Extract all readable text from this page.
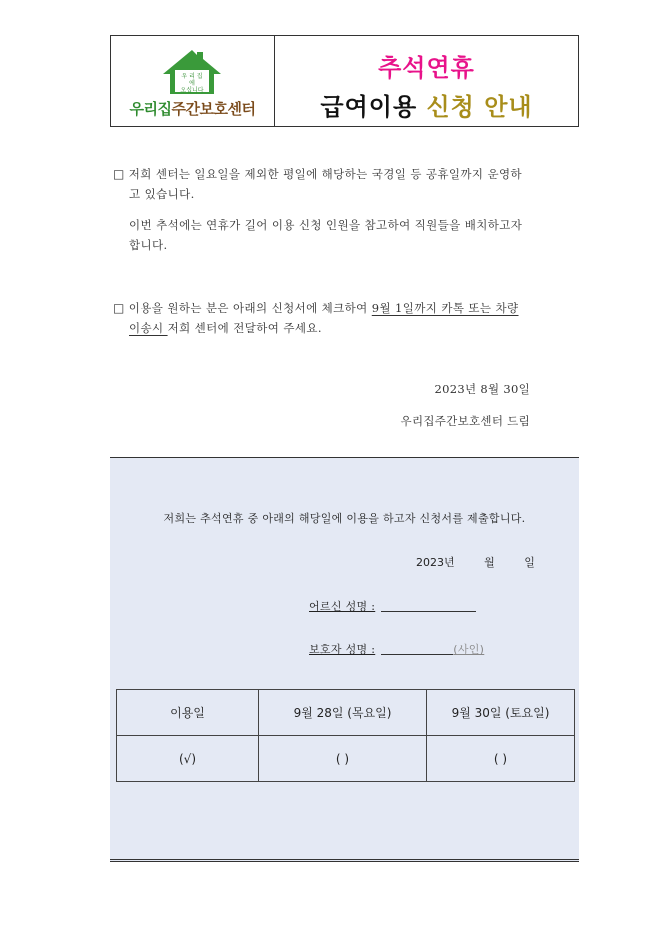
우 리 집
에
오십니다
우리집주간보호센터
추석연휴
급여이용 신청 안내
□ 저희 센터는 일요일을 제외한 평일에 해당하는 국경일 등 공휴일까지 운영하
고 있습니다.
이번 추석에는 연휴가 길어 이용 신청 인원을 참고하여 직원들을 배치하고자
합니다.
□ 이용을 원하는 분은 아래의 신청서에 체크하여 9월 1일까지 카톡 또는 차량
이송시 저희 센터에 전달하여 주세요.
2023년 8월 30일
우리집주간보호센터 드림
저희는 추석연휴 중 아래의 해당일에 이용을 하고자 신청서를 제출합니다.
2023년	월	일
어르신 성명 :
보호자 성명 :	(사인)
이용일	9월 28일 (목요일)	9월 30일 (토요일)
(√)	( )	( )
